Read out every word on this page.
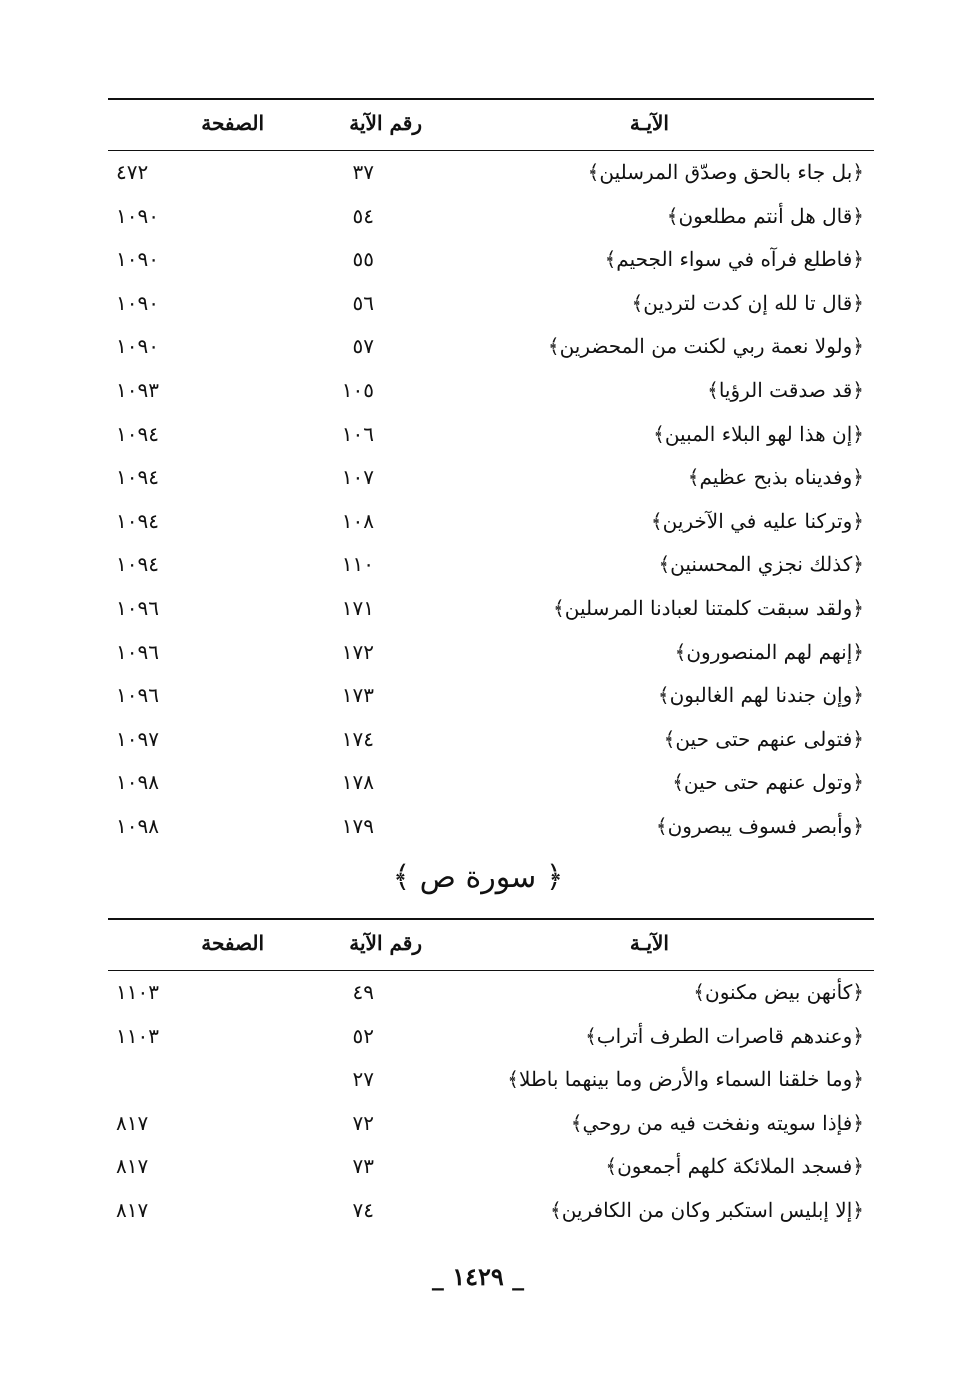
الآيـة
رقم الآية
الصفحة
﴿بل جاء بالحق وصدّق المرسلين﴾
٣٧
٤٧٢
﴿قال هل أنتم مطلعون﴾
٥٤
١٠٩٠
﴿فاطلع فرآه في سواء الجحيم﴾
٥٥
١٠٩٠
﴿قال تا لله إن كدت لتردين﴾
٥٦
١٠٩٠
﴿ولولا نعمة ربي لكنت من المحضرين﴾
٥٧
١٠٩٠
﴿قد صدقت الرؤيا﴾
١٠٥
١٠٩٣
﴿إن هذا لهو البلاء المبين﴾
١٠٦
١٠٩٤
﴿وفديناه بذبح عظيم﴾
١٠٧
١٠٩٤
﴿وتركنا عليه في الآخرين﴾
١٠٨
١٠٩٤
﴿كذلك نجزي المحسنين﴾
١١٠
١٠٩٤
﴿ولقد سبقت كلمتنا لعبادنا المرسلين﴾
١٧١
١٠٩٦
﴿إنهم لهم المنصورون﴾
١٧٢
١٠٩٦
﴿وإن جندنا لهم الغالبون﴾
١٧٣
١٠٩٦
﴿فتولى عنهم حتى حين﴾
١٧٤
١٠٩٧
﴿وتول عنهم حتى حين﴾
١٧٨
١٠٩٨
﴿وأبصر فسوف يبصرون﴾
١٧٩
١٠٩٨
﴿ سورة ص ﴾
الآيـة
رقم الآية
الصفحة
﴿كأنهن بيض مكنون﴾
٤٩
١١٠٣
﴿وعندهم قاصرات الطرف أتراب﴾
٥٢
١١٠٣
﴿وما خلقنا السماء والأرض وما بينهما باطلا﴾
٢٧
﴿فإذا سويته ونفخت فيه من روحي﴾
٧٢
٨١٧
﴿فسجد الملائكة كلهم أجمعون﴾
٧٣
٨١٧
﴿إلا إبليس استكبر وكان من الكافرين﴾
٧٤
٨١٧
_ ١٤٢٩ _
